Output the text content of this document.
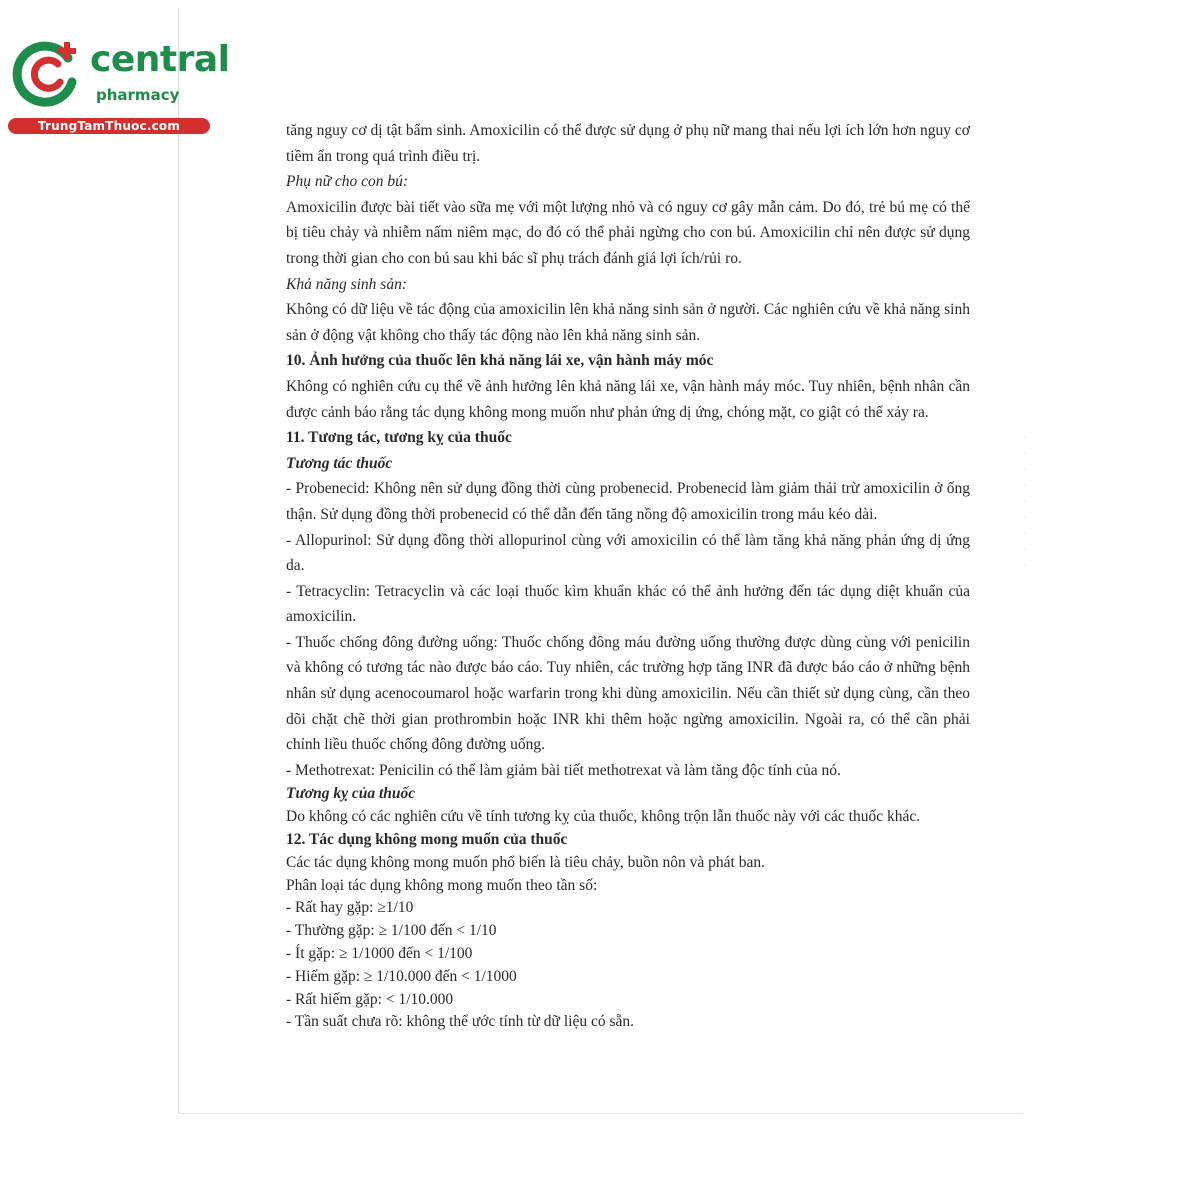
·
·
·
·
·
·
·
·
·
central
pharmacy
TrungTamThuoc.com	tăng nguy cơ dị tật bẩm sinh. Amoxicilin có thể được sử dụng ở phụ nữ mang thai nếu lợi ích lớn hơn nguy cơ tiềm ẩn trong quá trình điều trị.

Phụ nữ cho con bú:

Amoxicilin được bài tiết vào sữa mẹ với một lượng nhỏ và có nguy cơ gây mẫn cảm. Do đó, trẻ bú mẹ có thể bị tiêu chảy và nhiễm nấm niêm mạc, do đó có thể phải ngừng cho con bú. Amoxicilin chỉ nên được sử dụng trong thời gian cho con bú sau khi bác sĩ phụ trách đánh giá lợi ích/rủi ro.

Khả năng sinh sản:

Không có dữ liệu về tác động của amoxicilin lên khả năng sinh sản ở người. Các nghiên cứu về khả năng sinh sản ở động vật không cho thấy tác động nào lên khả năng sinh sản.

10. Ảnh hưởng của thuốc lên khả năng lái xe, vận hành máy móc

Không có nghiên cứu cụ thể về ảnh hưởng lên khả năng lái xe, vận hành máy móc. Tuy nhiên, bệnh nhân cần được cảnh báo rằng tác dụng không mong muốn như phản ứng dị ứng, chóng mặt, co giật có thể xảy ra.

11. Tương tác, tương kỵ của thuốc

Tương tác thuốc

- Probenecid: Không nên sử dụng đồng thời cùng probenecid. Probenecid làm giảm thải trừ amoxicilin ở ống thận. Sử dụng đồng thời probenecid có thể dẫn đến tăng nồng độ amoxicilin trong máu kéo dài.

- Allopurinol: Sử dụng đồng thời allopurinol cùng với amoxicilin có thể làm tăng khả năng phản ứng dị ứng da.

- Tetracyclin: Tetracyclin và các loại thuốc kìm khuẩn khác có thể ảnh hưởng đến tác dụng diệt khuẩn của amoxicilin.

- Thuốc chống đông đường uống: Thuốc chống đông máu đường uống thường được dùng cùng với penicilin và không có tương tác nào được báo cáo. Tuy nhiên, các trường hợp tăng INR đã được báo cáo ở những bệnh nhân sử dụng acenocoumarol hoặc warfarin trong khi dùng amoxicilin. Nếu cần thiết sử dụng cùng, cần theo dõi chặt chẽ thời gian prothrombin hoặc INR khi thêm hoặc ngừng amoxicilin. Ngoài ra, có thể cần phải chỉnh liều thuốc chống đông đường uống.

- Methotrexat: Penicilin có thể làm giảm bài tiết methotrexat và làm tăng độc tính của nó.

Tương kỵ của thuốc

Do không có các nghiên cứu về tính tương kỵ của thuốc, không trộn lẫn thuốc này với các thuốc khác.

12. Tác dụng không mong muốn của thuốc

Các tác dụng không mong muốn phổ biến là tiêu chảy, buồn nôn và phát ban.

Phân loại tác dụng không mong muốn theo tần số:

- Rất hay gặp: ≥1/10

- Thường gặp: ≥ 1/100 đến < 1/10

- Ít gặp: ≥ 1/1000 đến < 1/100

- Hiếm gặp: ≥ 1/10.000 đến < 1/1000

- Rất hiếm gặp: < 1/10.000

- Tần suất chưa rõ: không thể ước tính từ dữ liệu có sẵn.
